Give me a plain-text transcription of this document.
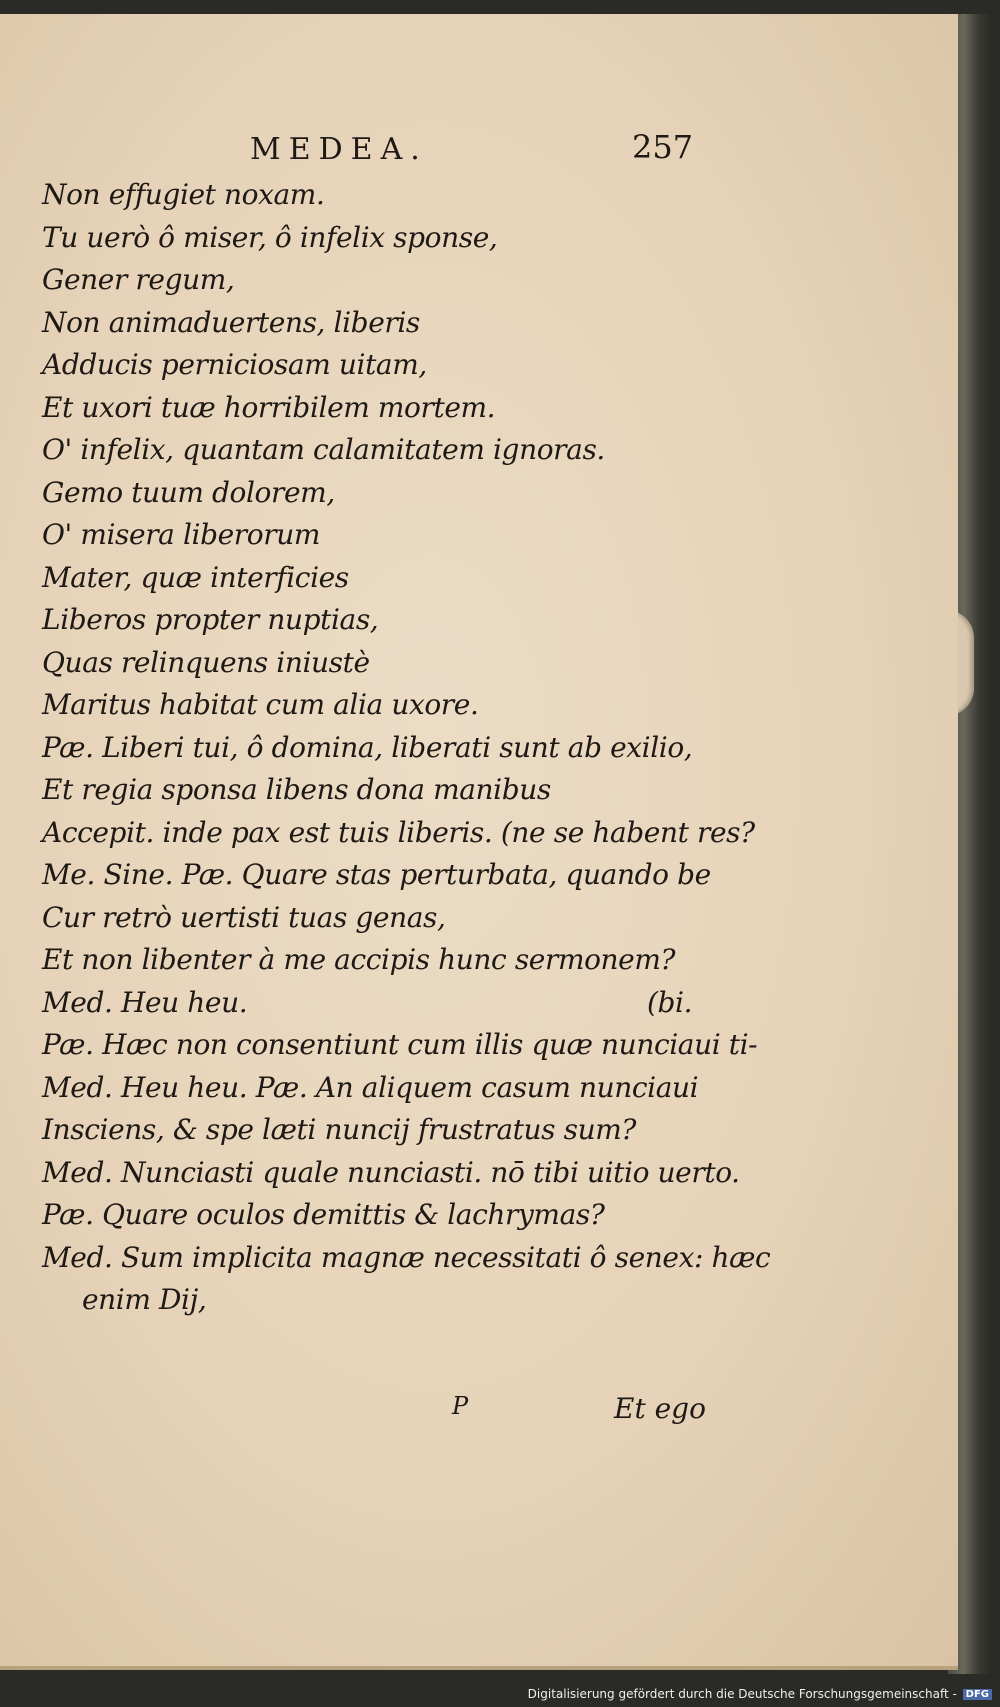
MEDEA.	257
Non effugiet noxam.
Tu uerò ô miser, ô infelix sponse,
Gener regum,
Non animaduertens, liberis
Adducis perniciosam uitam,
Et uxori tuæ horribilem mortem.
O' infelix, quantam calamitatem ignoras.
Gemo tuum dolorem,
O' misera liberorum
Mater, quæ interficies
Liberos propter nuptias,
Quas relinquens iniustè
Maritus habitat cum alia uxore.
Pæ. Liberi tui, ô domina, liberati sunt ab exilio,
Et regia sponsa libens dona manibus
Accepit. inde pax est tuis liberis. (ne se habent res?
Me. Sine. Pæ. Quare stas perturbata, quando be
Cur retrò uertisti tuas genas,
Et non libenter à me accipis hunc sermonem?
Med. Heu heu.	(bi.
Pæ. Hæc non consentiunt cum illis quæ nunciaui ti-
Med. Heu heu. Pæ. An aliquem casum nunciaui
Insciens, & spe læti nuncij frustratus sum?
Med. Nunciasti quale nunciasti. nō tibi uitio uerto.
Pæ. Quare oculos demittis & lachrymas?
Med. Sum implicita magnæ necessitati ô senex: hæc
enim Dij,
P	Et ego
Digitalisierung gefördert durch die Deutsche Forschungsgemeinschaft - DFG
